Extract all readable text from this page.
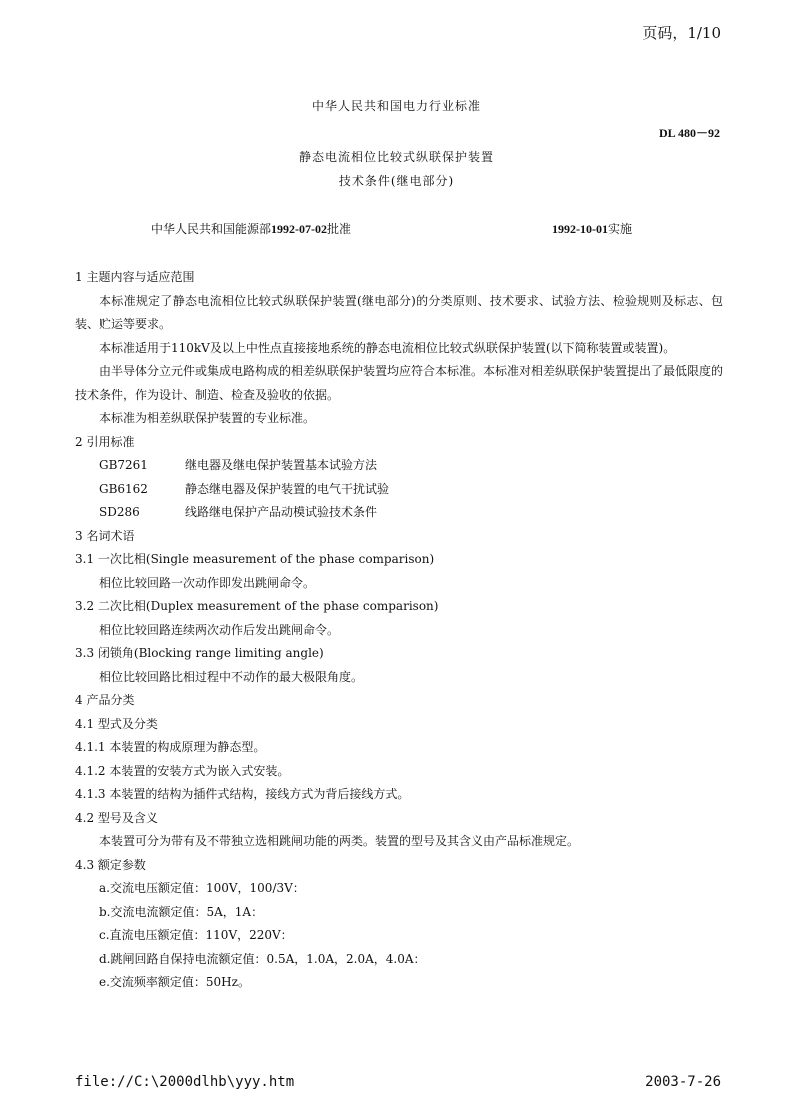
页码，1/10
中华人民共和国电力行业标准
DL 480－92
静态电流相位比较式纵联保护装置
技术条件(继电部分)
中华人民共和国能源部1992-07-02批准	1992-10-01实施
1 主题内容与适应范围
本标准规定了静态电流相位比较式纵联保护装置(继电部分)的分类原则、技术要求、试验方法、检验规则及标志、包装、贮运等要求。
本标准适用于110kV及以上中性点直接接地系统的静态电流相位比较式纵联保护装置(以下简称装置或装置)。
由半导体分立元件或集成电路构成的相差纵联保护装置均应符合本标准。本标准对相差纵联保护装置提出了最低限度的技术条件，作为设计、制造、检查及验收的依据。
本标准为相差纵联保护装置的专业标准。
2 引用标准
GB7261	继电器及继电保护装置基本试验方法
GB6162	静态继电器及保护装置的电气干扰试验
SD286	线路继电保护产品动模试验技术条件
3 名词术语
3.1 一次比相(Single measurement of the phase comparison)
相位比较回路一次动作即发出跳闸命令。
3.2 二次比相(Duplex measurement of the phase comparison)
相位比较回路连续两次动作后发出跳闸命令。
3.3 闭锁角(Blocking range limiting angle)
相位比较回路比相过程中不动作的最大极限角度。
4 产品分类
4.1 型式及分类
4.1.1 本装置的构成原理为静态型。
4.1.2 本装置的安装方式为嵌入式安装。
4.1.3 本装置的结构为插件式结构，接线方式为背后接线方式。
4.2 型号及含义
本装置可分为带有及不带独立选相跳闸功能的两类。装置的型号及其含义由产品标准规定。
4.3 额定参数
a.交流电压额定值：100V，100/3V：
b.交流电流额定值：5A，1A：
c.直流电压额定值：110V，220V：
d.跳闸回路自保持电流额定值：0.5A，1.0A，2.0A，4.0A：
e.交流频率额定值：50Hz。
file://C:\2000dlhb\yyy.htm	2003-7-26
